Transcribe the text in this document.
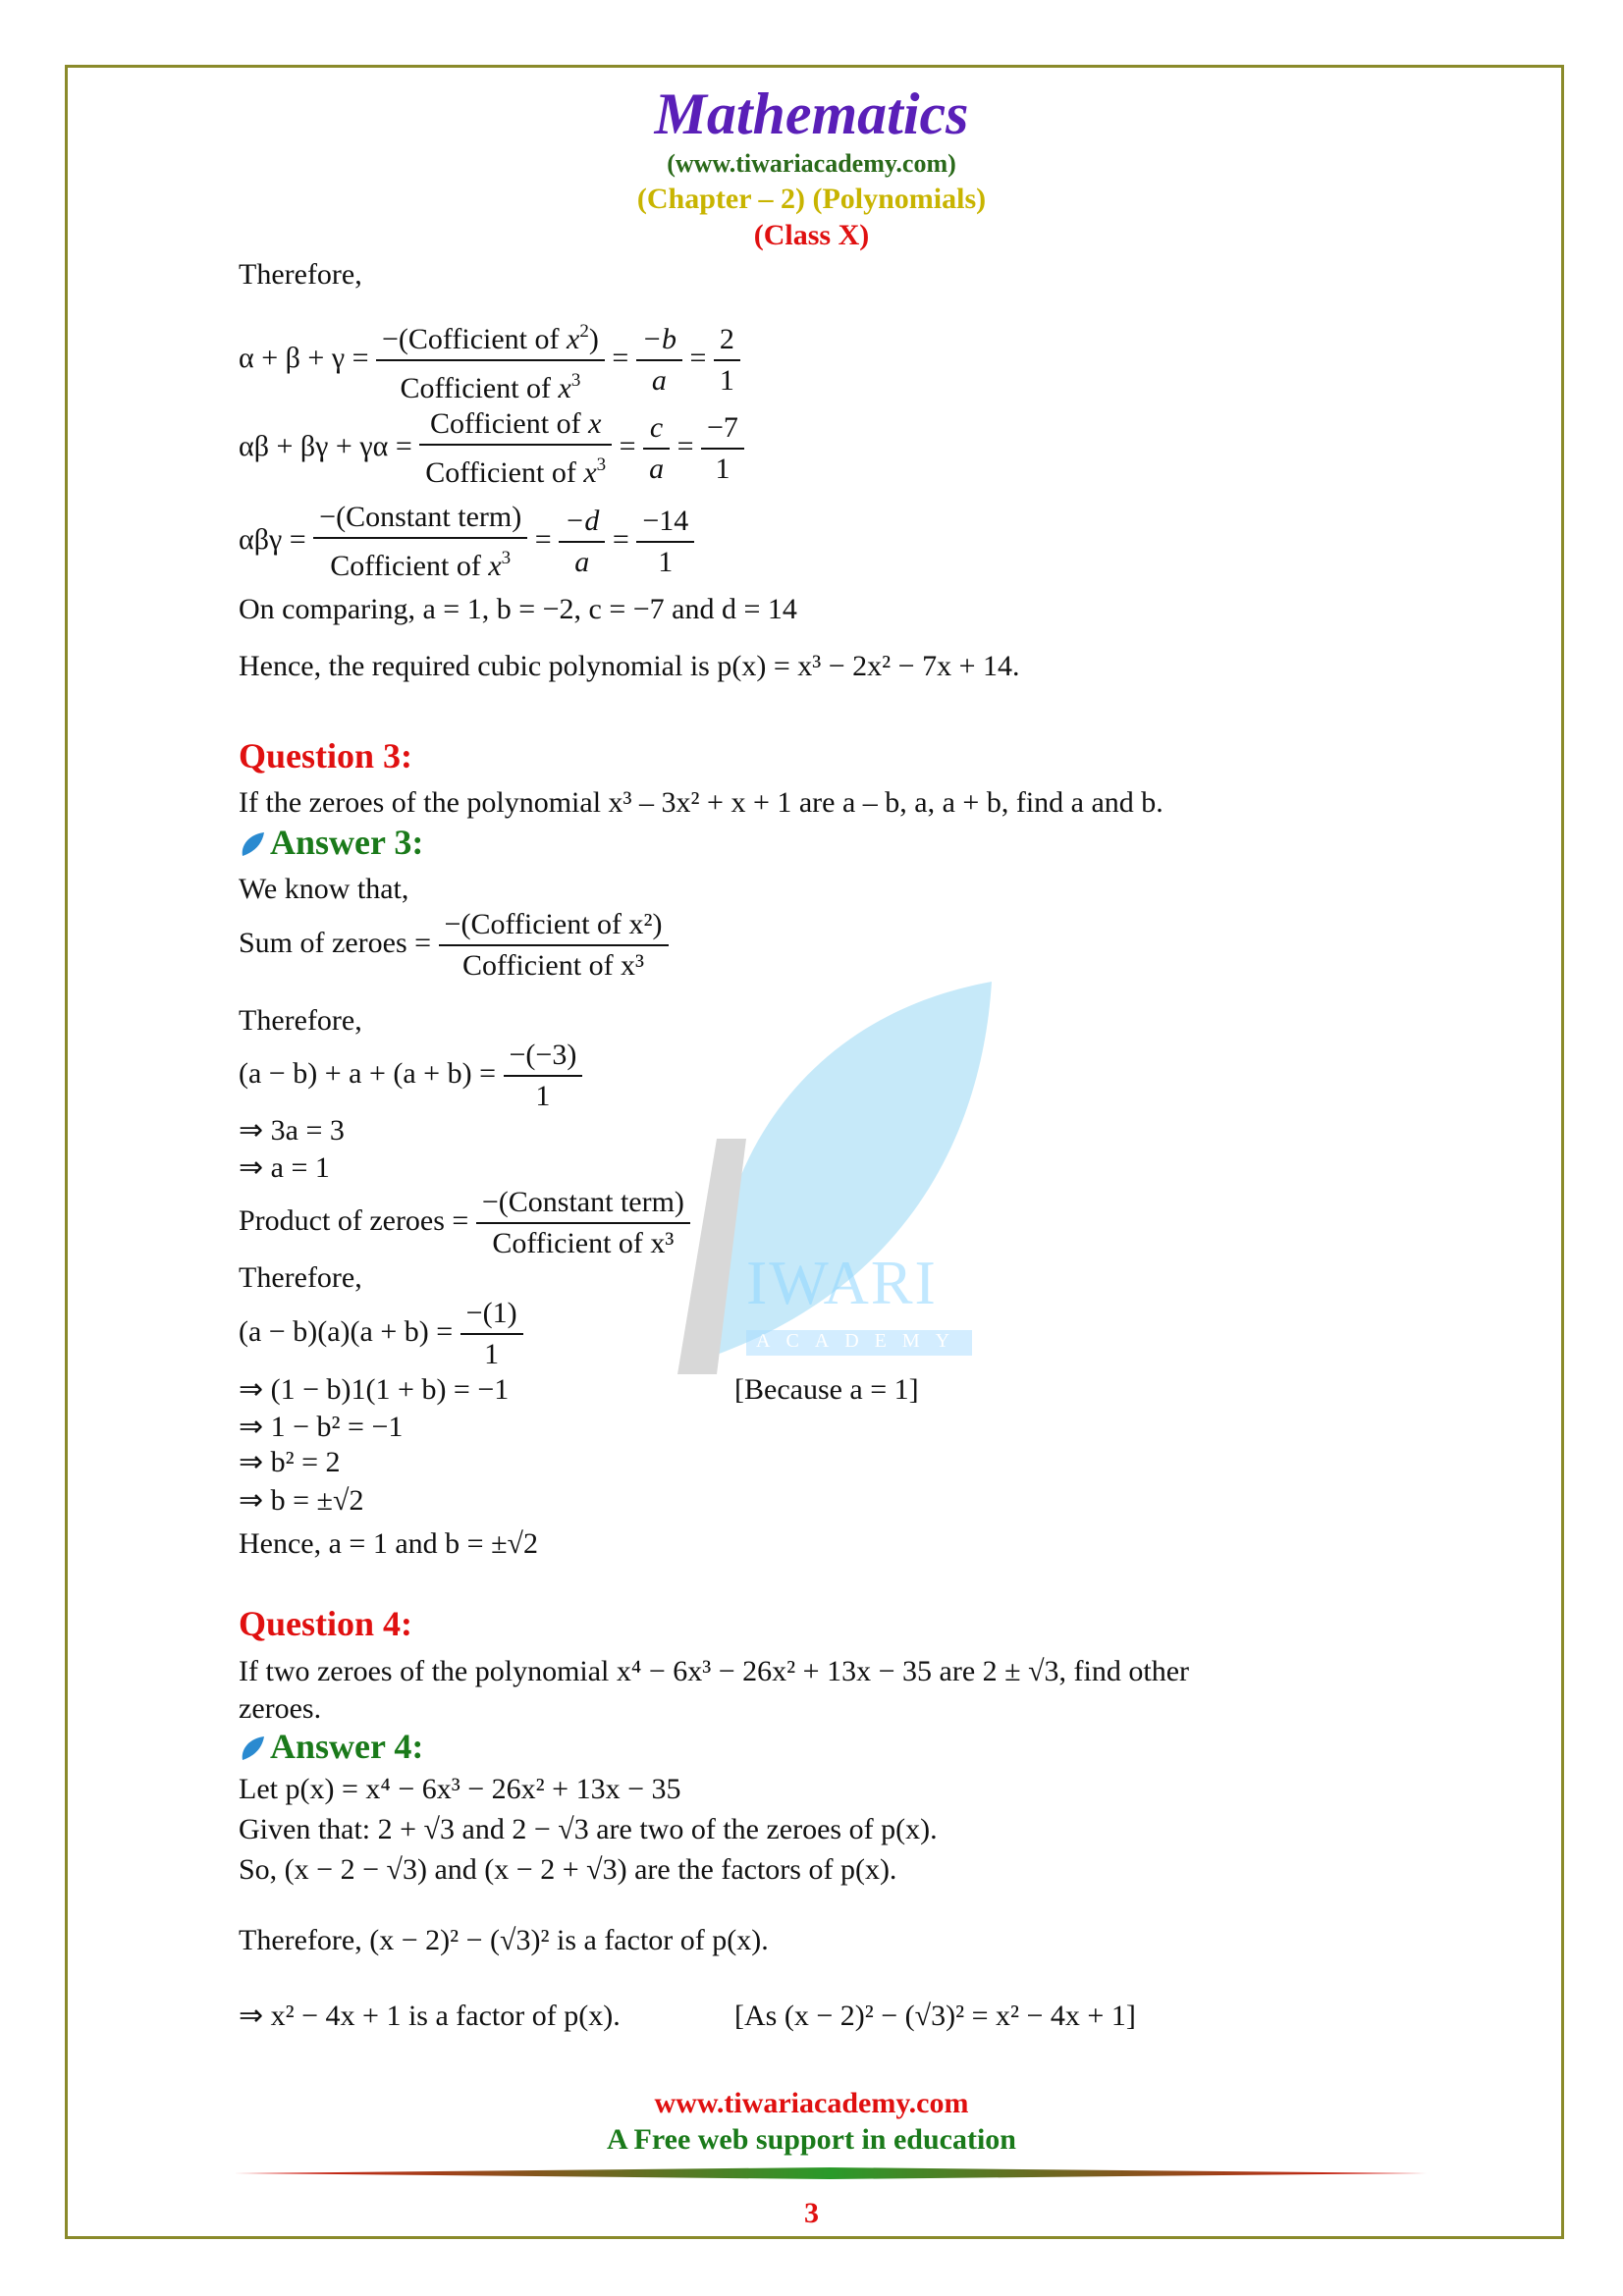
IWARI
ACADEMY
Mathematics
(www.tiwariacademy.com)
(Chapter – 2) (Polynomials)
(Class X)
Therefore,
$\alpha + \beta + \gamma = \frac{-(Cofficient of x^2)}{Cofficient of x^3} = \frac{-b}{a} = \frac{2}{1}$
$\alpha\beta + \beta\gamma + \gamma\alpha = \frac{\text{Cofficient of x}}{Cofficient of x^3} = \frac{c}{a} = \frac{-7}{1}$
$\alpha\beta\gamma = \frac{\text{−(Constant term)}}{Cofficient of x^3} = \frac{-d}{a} = \frac{-14}{1}$
On comparing, a = 1, b = −2, c = −7 and d = 14
Hence, the required cubic polynomial is p(x) = x³ − 2x² − 7x + 14.
Question 3:
If the zeroes of the polynomial x³ – 3x² + x + 1 are a – b, a, a + b, find a and b.
Answer 3:
We know that,
Sum of zeroes = $\frac{\text{−(Cofficient of x²)}}{\text{Cofficient of x³}}$
Therefore,
$(a - b) + a + (a + b) = \frac{-(-3)}{1}$
⇒ 3a = 3
⇒ a = 1
Product of zeroes = $\frac{\text{−(Constant term)}}{\text{Cofficient of x³}}$
Therefore,
$(a - b)(a)(a + b) = \frac{-(1)}{1}$
⇒ (1 − b)1(1 + b) = −1	[Because a = 1]
⇒ 1 − b² = −1
⇒ b² = 2
⇒ b = ±√2
Hence, a = 1 and b = ±√2
Question 4:
If two zeroes of the polynomial x⁴ − 6x³ − 26x² + 13x − 35 are 2 ± √3, find other
zeroes.
Answer 4:
Let p(x) = x⁴ − 6x³ − 26x² + 13x − 35
Given that: 2 + √3 and 2 − √3 are two of the zeroes of p(x).
So, (x − 2 − √3) and (x − 2 + √3) are the factors of p(x).
Therefore, (x − 2)² − (√3)² is a factor of p(x).
⇒ x² − 4x + 1 is a factor of p(x).	[As (x − 2)² − (√3)² = x² − 4x + 1]
www.tiwariacademy.com
A Free web support in education
3
